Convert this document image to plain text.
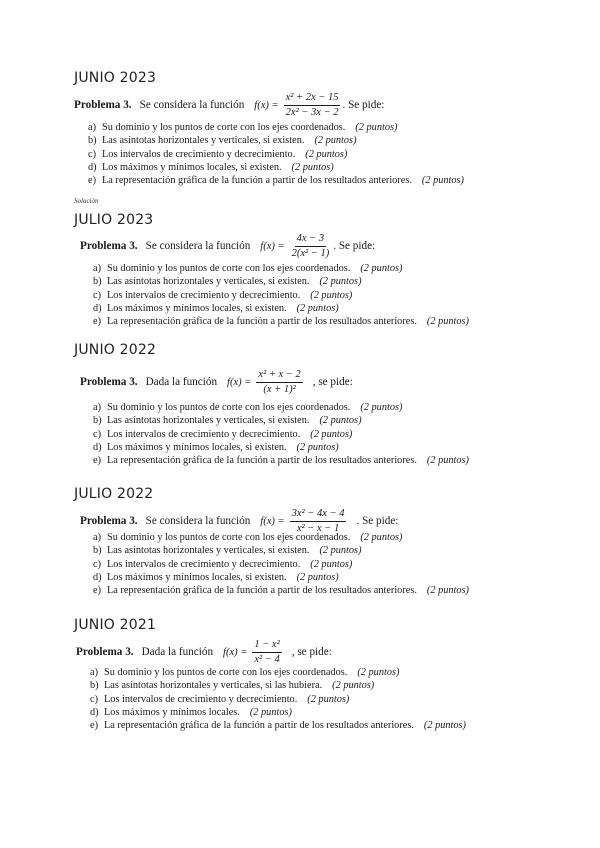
JUNIO 2023
Problema 3. Se considera la función $f(x) = \frac{\text{x² + 2x − 15}}{\text{2x² − 3x − 2}}$ . Se pide:
a) Su dominio y los puntos de corte con los ejes coordenados. (2 puntos)
b) Las asíntotas horizontales y verticales, si existen. (2 puntos)
c) Los intervalos de crecimiento y decrecimiento. (2 puntos)
d) Los máximos y mínimos locales, si existen. (2 puntos)
e) La representación gráfica de la función a partir de los resultados anteriores. (2 puntos)
Solución
JULIO 2023
Problema 3. Se considera la función $f(x) = \frac{4x - 3}{\text{2(x² − 1)}}$ . Se pide:
a) Su dominio y los puntos de corte con los ejes coordenados. (2 puntos)
b) Las asíntotas horizontales y verticales, si existen. (2 puntos)
c) Los intervalos de crecimiento y decrecimiento. (2 puntos)
d) Los máximos y mínimos locales, si existen. (2 puntos)
e) La representación gráfica de la función a partir de los resultados anteriores. (2 puntos)
JUNIO 2022
Problema 3. Dada la función $f(x) = \frac{\text{x² + x − 2}}{\text{(x + 1)²}}$ , se pide:
a) Su dominio y los puntos de corte con los ejes coordenados. (2 puntos)
b) Las asíntotas horizontales y verticales, si existen. (2 puntos)
c) Los intervalos de crecimiento y decrecimiento. (2 puntos)
d) Los máximos y mínimos locales, si existen. (2 puntos)
e) La representación gráfica de la función a partir de los resultados anteriores. (2 puntos)
JULIO 2022
Problema 3. Se considera la función $f(x) = \frac{\text{3x² − 4x − 4}}{\text{x² − x − 1}}$ . Se pide:
a) Su dominio y los puntos de corte con los ejes coordenados. (2 puntos)
b) Las asíntotas horizontales y verticales, si existen. (2 puntos)
c) Los intervalos de crecimiento y decrecimiento. (2 puntos)
d) Los máximos y mínimos locales, si existen. (2 puntos)
e) La representación gráfica de la función a partir de los resultados anteriores. (2 puntos)
JUNIO 2021
Problema 3. Dada la función $f(x) = \frac{\text{1 − x²}}{\text{x² − 4}}$ , se pide:
a) Su dominio y los puntos de corte con los ejes coordenados. (2 puntos)
b) Las asíntotas horizontales y verticales, si las hubiera. (2 puntos)
c) Los intervalos de crecimiento y decrecimiento. (2 puntos)
d) Los máximos y mínimos locales. (2 puntos)
e) La representación gráfica de la función a partir de los resultados anteriores. (2 puntos)
